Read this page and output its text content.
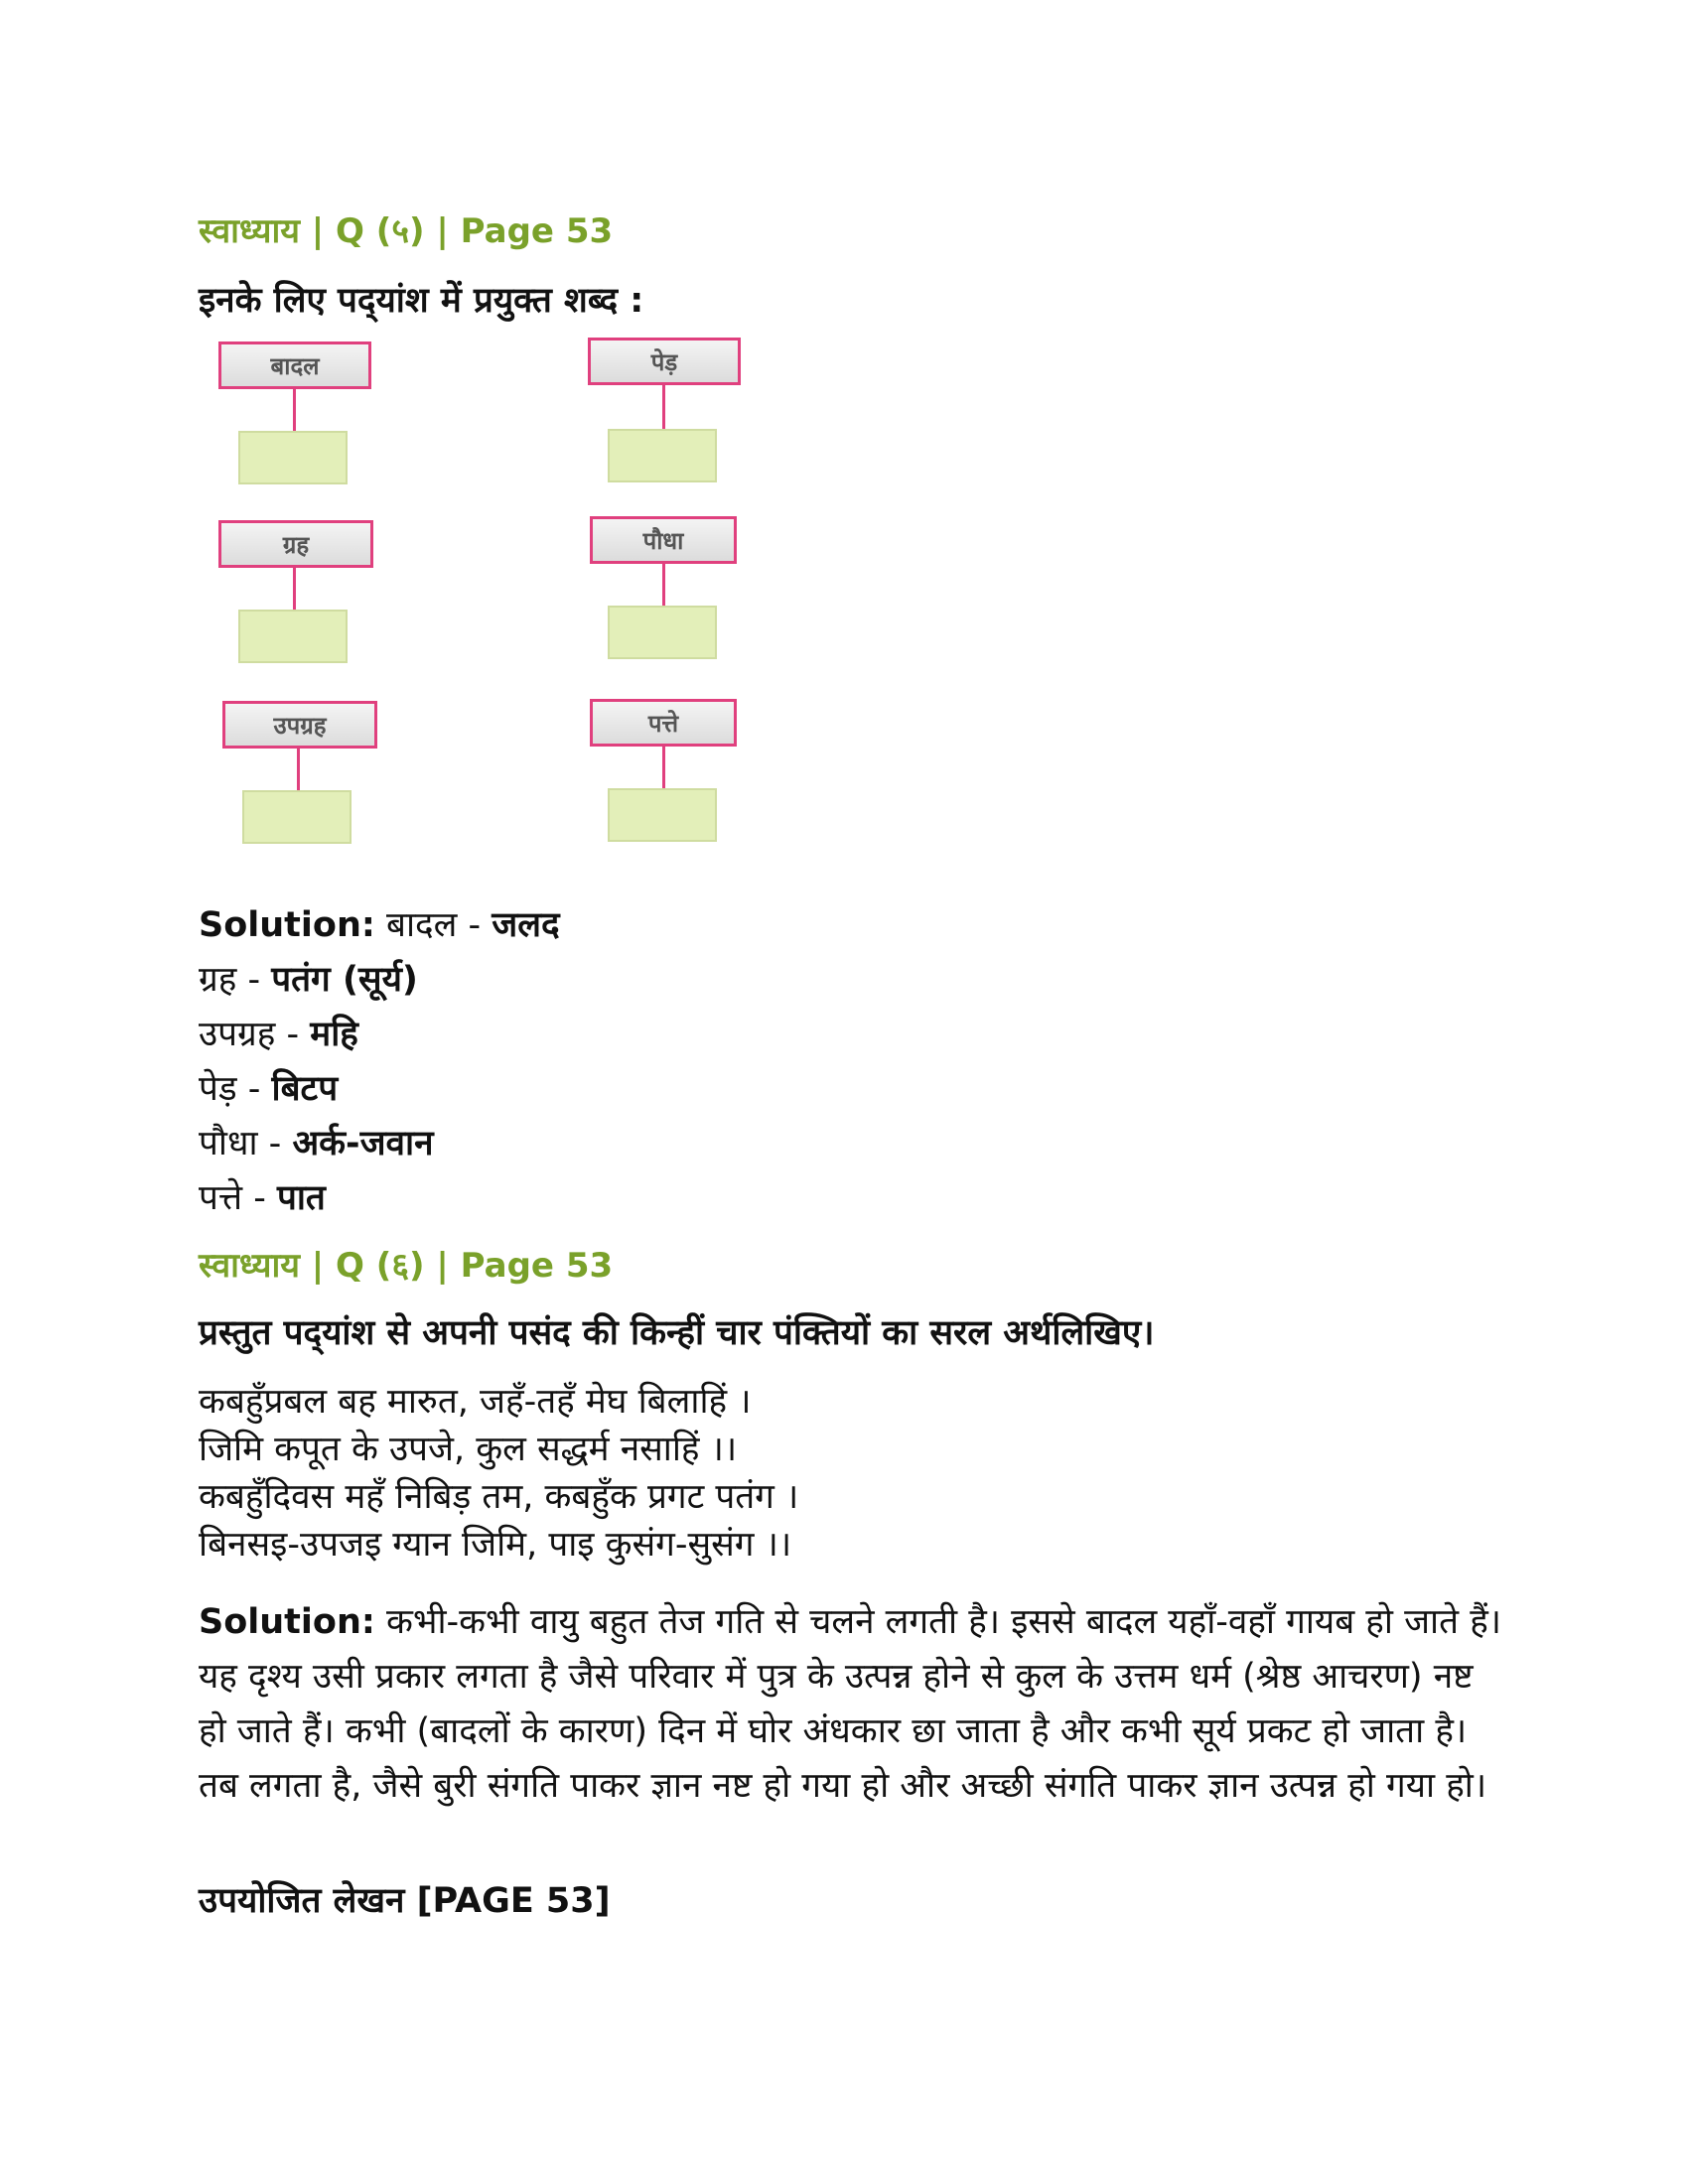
स्वाध्याय | Q (५) | Page 53
इनके लिए पद्‍यांश में प्रयुक्त शब्द :
बादल
ग्रह
उपग्रह
पेड़
पौधा
पत्ते
Solution: बादल - जलद
ग्रह - पतंग (सूर्य)
उपग्रह - महि
पेड़ - बिटप
पौधा - अर्क-जवान
पत्ते - पात
स्वाध्याय | Q (६) | Page 53
प्रस्तुत पद्‍यांश से अपनी पसंद की किन्हीं चार पंक्तियों का सरल अर्थलिखिए।
कबहुँप्रबल बह मारुत, जहँ-तहँ मेघ बिलाहिं ।
जिमि कपूत के उपजे, कुल सद्धर्म नसाहिं ।।
कबहुँदिवस महँ निबिड़ तम, कबहुँक प्रगट पतंग ।
बिनसइ-उपजइ ग्यान जिमि, पाइ कुसंग-सुसंग ।।
Solution: कभी-कभी वायु बहुत तेज गति से चलने लगती है। इससे बादल यहाँ-वहाँ गायब हो जाते हैं। यह दृश्य उसी प्रकार लगता है जैसे परिवार में पुत्र के उत्पन्न होने से कुल के उत्तम धर्म (श्रेष्ठ आचरण) नष्ट हो जाते हैं। कभी (बादलों के कारण) दिन में घोर अंधकार छा जाता है और कभी सूर्य प्रकट हो जाता है। तब लगता है, जैसे बुरी संगति पाकर ज्ञान नष्ट हो गया हो और अच्छी संगति पाकर ज्ञान उत्पन्न हो गया हो।
उपयोजित लेखन [PAGE 53]
